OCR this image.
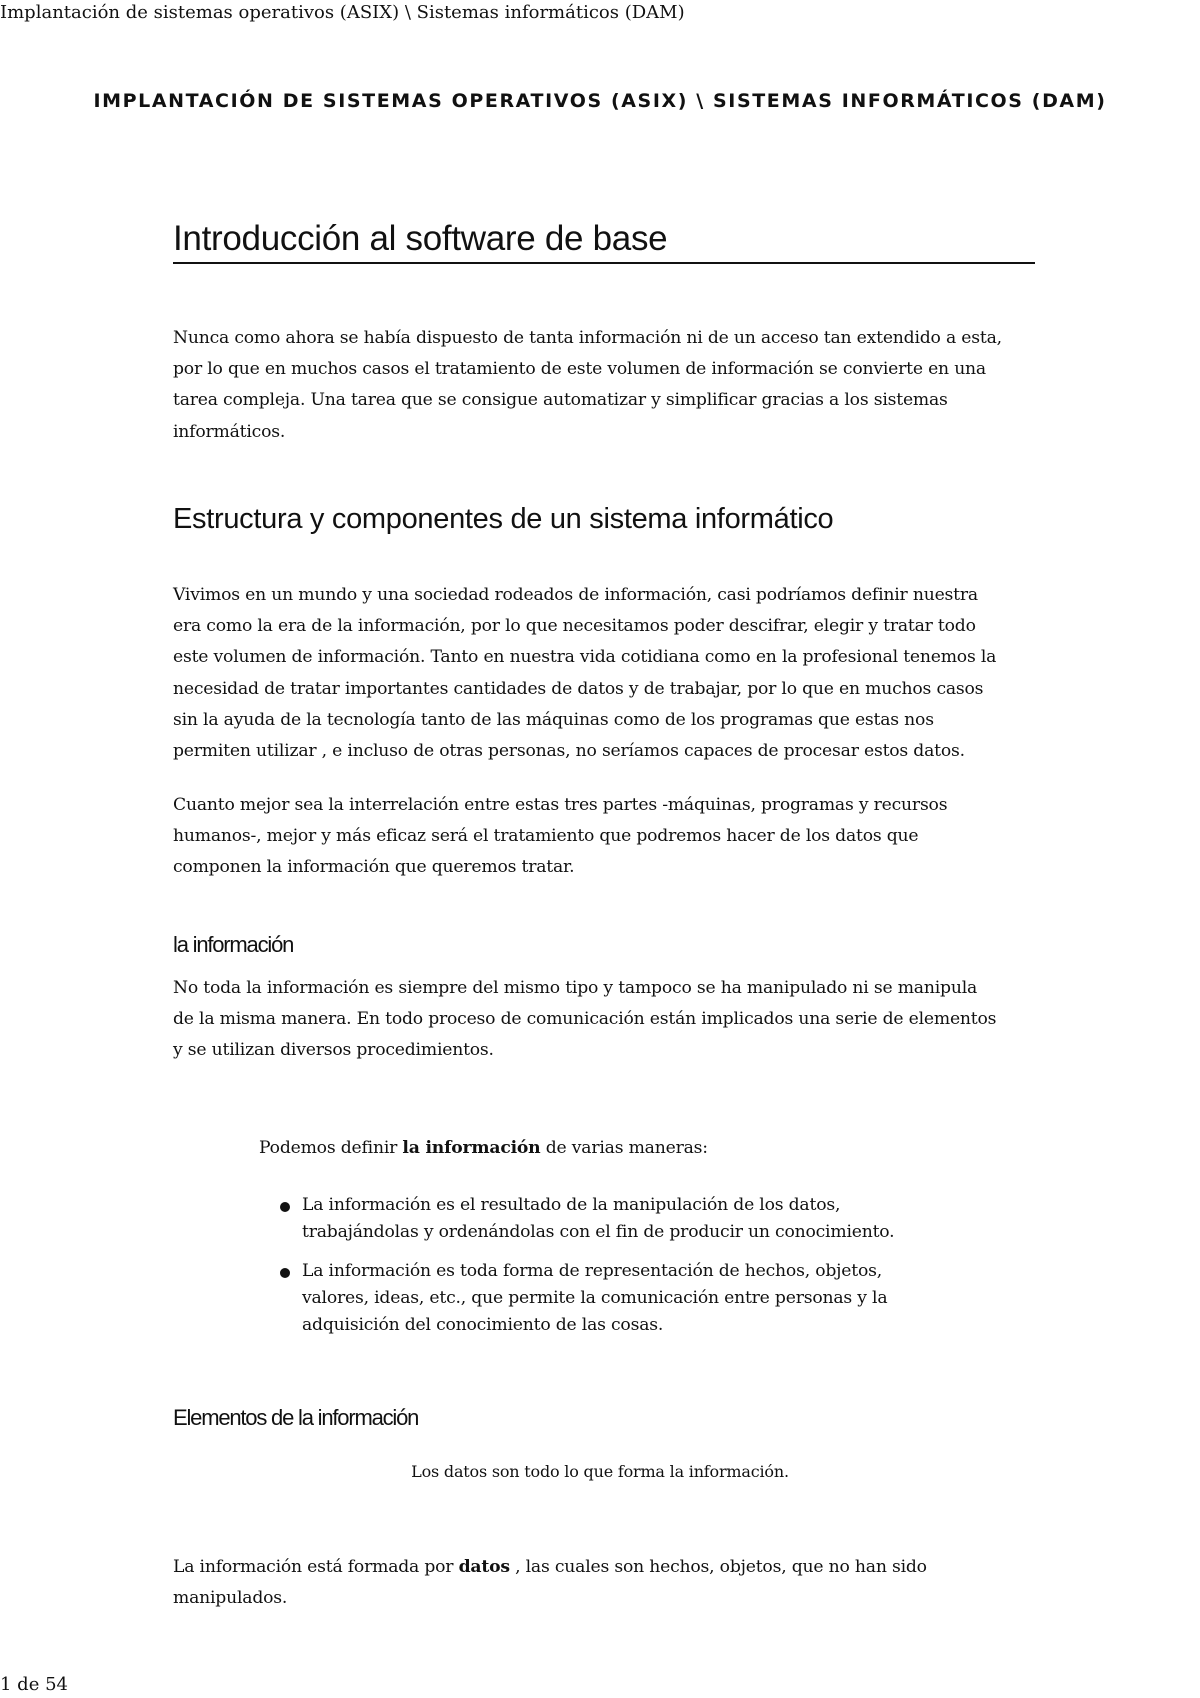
Implantación de sistemas operativos (ASIX) \ Sistemas informáticos (DAM)
IMPLANTACIÓN DE SISTEMAS OPERATIVOS (ASIX) \ SISTEMAS INFORMÁTICOS (DAM)
Introducción al software de base

Nunca como ahora se había dispuesto de tanta información ni de un acceso tan extendido a esta,
por lo que en muchos casos el tratamiento de este volumen de información se convierte en una
tarea compleja. Una tarea que se consigue automatizar y simplificar gracias a los sistemas
informáticos.

Estructura y componentes de un sistema informático

Vivimos en un mundo y una sociedad rodeados de información, casi podríamos definir nuestra
era como la era de la información, por lo que necesitamos poder descifrar, elegir y tratar todo
este volumen de información. Tanto en nuestra vida cotidiana como en la profesional tenemos la
necesidad de tratar importantes cantidades de datos y de trabajar, por lo que en muchos casos
sin la ayuda de la tecnología tanto de las máquinas como de los programas que estas nos
permiten utilizar , e incluso de otras personas, no seríamos capaces de procesar estos datos.

Cuanto mejor sea la interrelación entre estas tres partes -máquinas, programas y recursos
humanos-, mejor y más eficaz será el tratamiento que podremos hacer de los datos que
componen la información que queremos tratar.

la información

No toda la información es siempre del mismo tipo y tampoco se ha manipulado ni se manipula
de la misma manera. En todo proceso de comunicación están implicados una serie de elementos
y se utilizan diversos procedimientos.

Podemos definir la información de varias maneras:
La información es el resultado de la manipulación de los datos,
trabajándolas y ordenándolas con el fin de producir un conocimiento.
La información es toda forma de representación de hechos, objetos,
valores, ideas, etc., que permite la comunicación entre personas y la
adquisición del conocimiento de las cosas.
Elementos de la información

La información está formada por datos , las cuales son hechos, objetos, que no han sido
manipulados.

Los datos son todo lo que forma la información.
1 de 54
